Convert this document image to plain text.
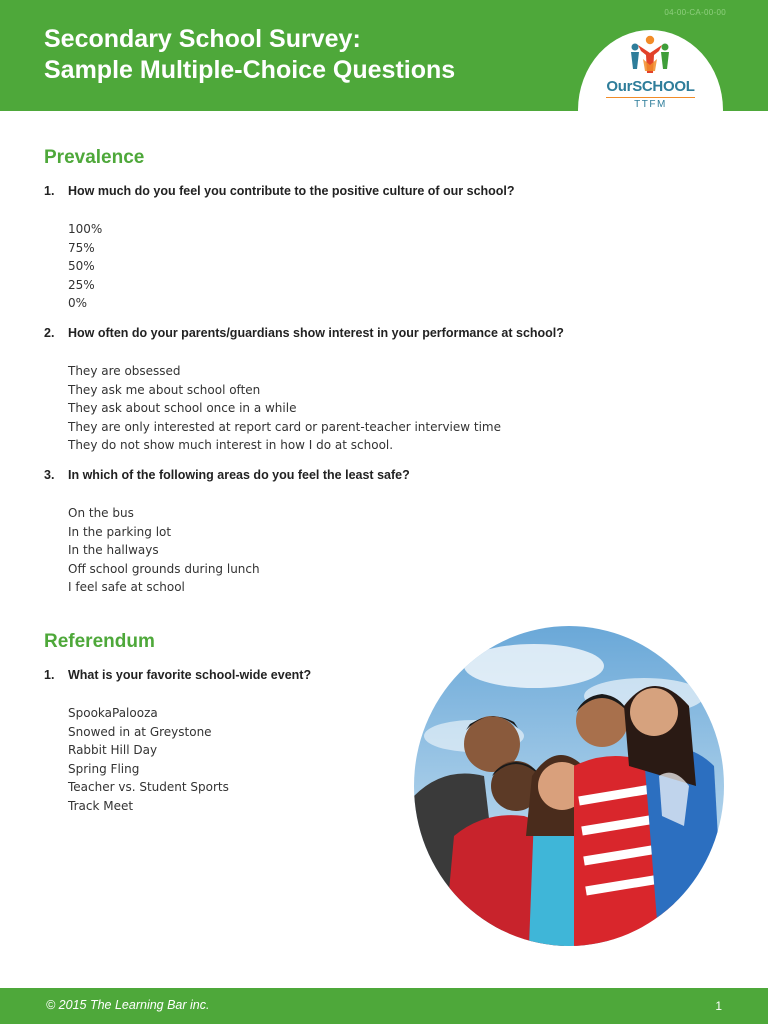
04-00-CA-00-00
Secondary School Survey:
Sample Multiple-Choice Questions
OurSCHOOL
TTFM
Prevalence

1. How much do you feel you contribute to the positive culture of our school?

100%
75%
50%
25%
0%

2. How often do your parents/guardians show interest in your performance at school?

They are obsessed
They ask me about school often
They ask about school once in a while
They are only interested at report card or parent-teacher interview time
They do not show much interest in how I do at school.

3. In which of the following areas do you feel the least safe?

On the bus
In the parking lot
In the hallways
Off school grounds during lunch
I feel safe at school
Referendum

1. What is your favorite school-wide event?

SpookaPalooza
Snowed in at Greystone
Rabbit Hill Day
Spring Fling
Teacher vs. Student Sports
Track Meet
© 2015 The Learning Bar inc.	1
